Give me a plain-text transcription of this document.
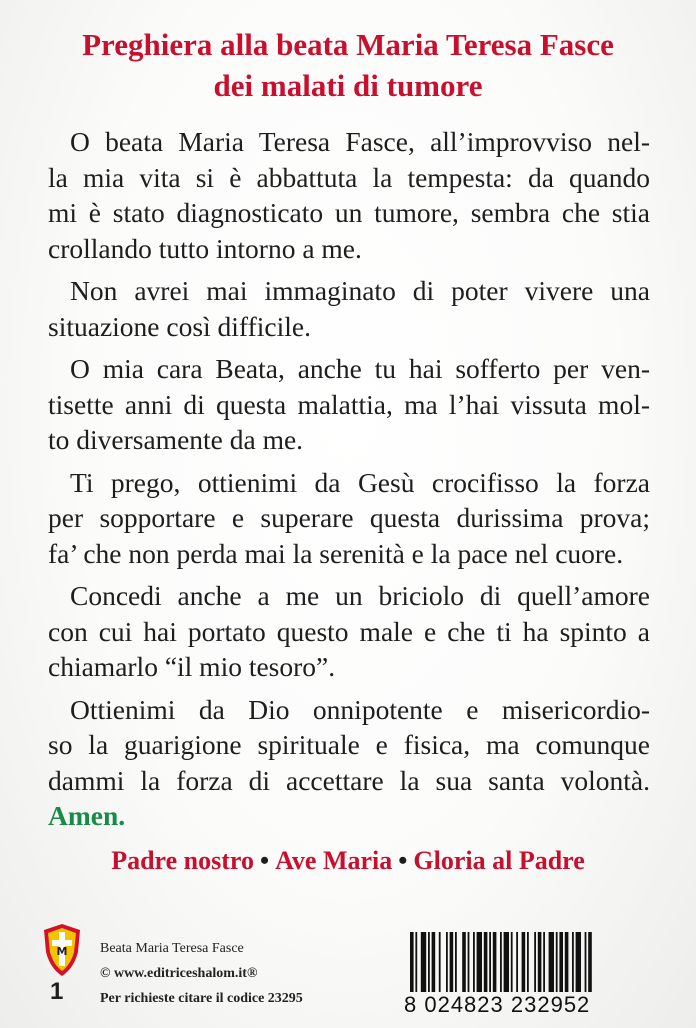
Preghiera alla beata Maria Teresa Fasce
dei malati di tumore
O beata Maria Teresa Fasce, all’improvviso nel-
la mia vita si è abbattuta la tempesta: da quando
mi è stato diagnosticato un tumore, sembra che stia
crollando tutto intorno a me.
Non avrei mai immaginato di poter vivere una
situazione così difficile.
O mia cara Beata, anche tu hai sofferto per ven-
tisette anni di questa malattia, ma l’hai vissuta mol-
to diversamente da me.
Ti prego, ottienimi da Gesù crocifisso la forza
per sopportare e superare questa durissima prova;
fa’ che non perda mai la serenità e la pace nel cuore.
Concedi anche a me un briciolo di quell’amore
con cui hai portato questo male e che ti ha spinto a
chiamarlo “il mio tesoro”.
Ottienimi da Dio onnipotente e misericordio-
so la guarigione spirituale e fisica, ma comunque
dammi la forza di accettare la sua santa volontà.
Amen.
Padre nostro • Ave Maria • Gloria al Padre
M
1
Beata Maria Teresa Fasce
© www.editriceshalom.it®
Per richieste citare il codice 23295	8 024823 232952
